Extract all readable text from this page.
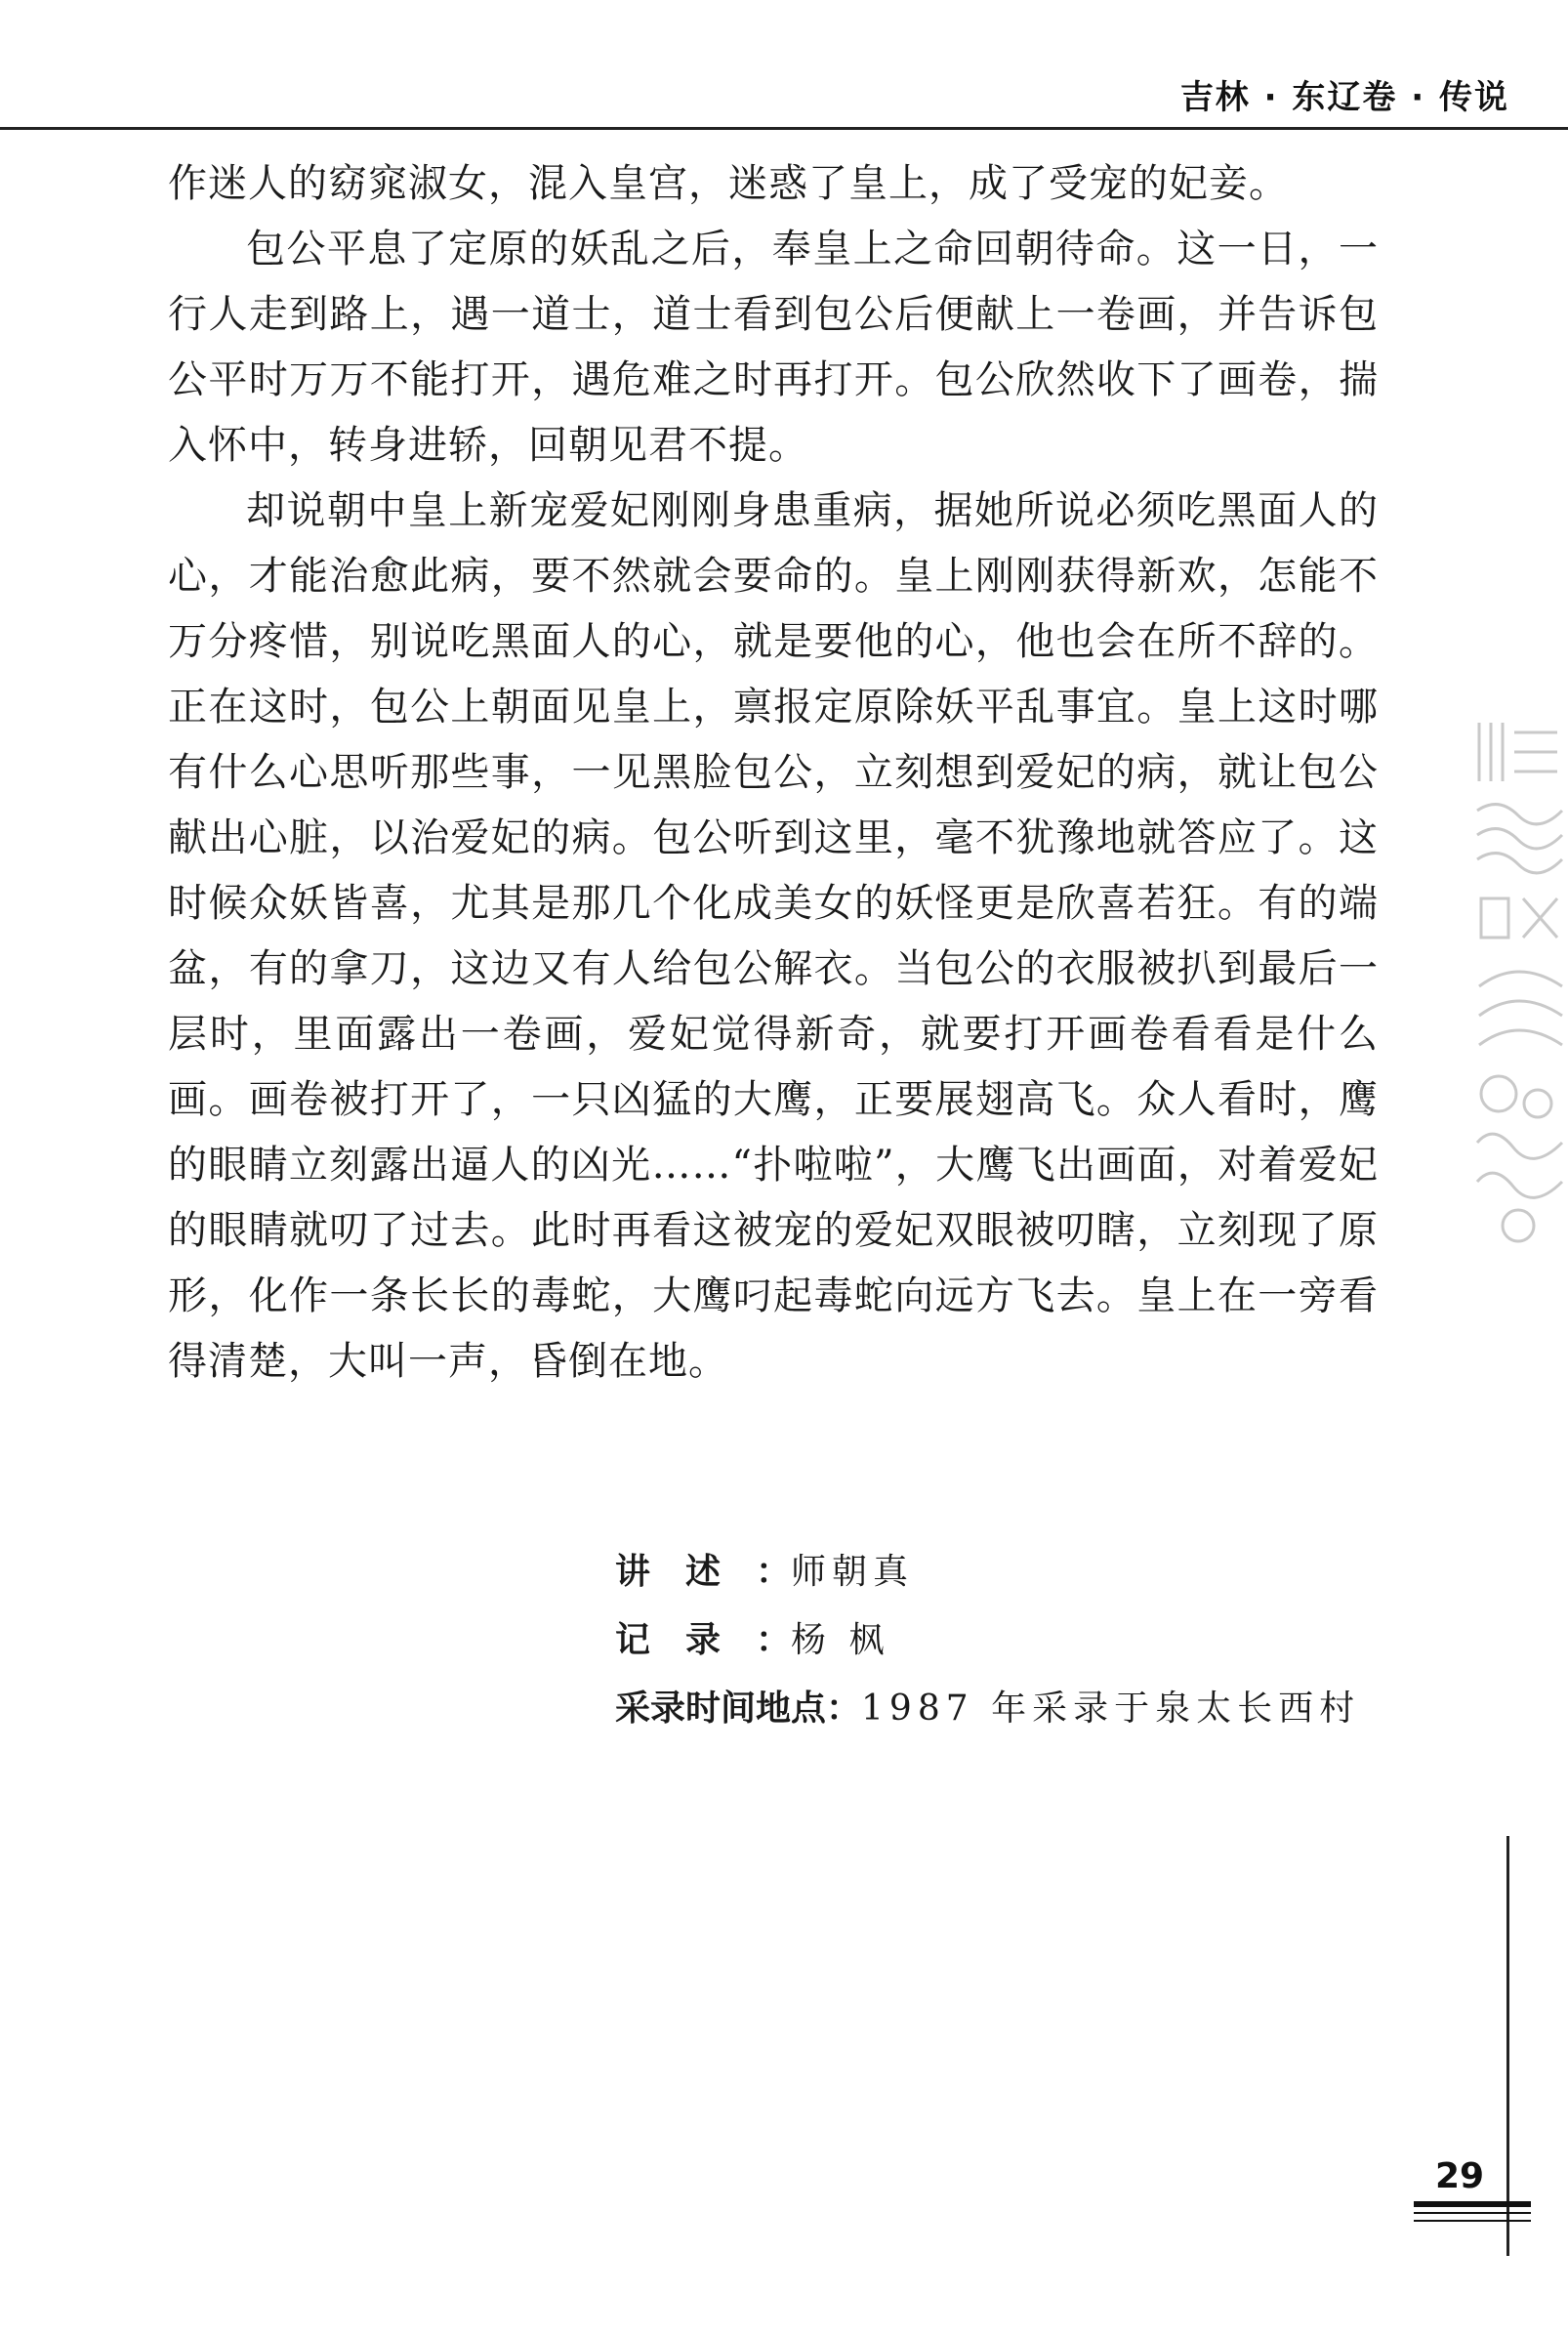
吉林 · 东辽卷 · 传说

作迷人的窈窕淑女，混入皇宫，迷惑了皇上，成了受宠的妃妾。

包公平息了定原的妖乱之后，奉皇上之命回朝待命。这一日，一行人走到路上，遇一道士，道士看到包公后便献上一卷画，并告诉包公平时万万不能打开，遇危难之时再打开。包公欣然收下了画卷，揣入怀中，转身进轿，回朝见君不提。

却说朝中皇上新宠爱妃刚刚身患重病，据她所说必须吃黑面人的心，才能治愈此病，要不然就会要命的。皇上刚刚获得新欢，怎能不万分疼惜，别说吃黑面人的心，就是要他的心，他也会在所不辞的。正在这时，包公上朝面见皇上，禀报定原除妖平乱事宜。皇上这时哪有什么心思听那些事，一见黑脸包公，立刻想到爱妃的病，就让包公献出心脏，以治爱妃的病。包公听到这里，毫不犹豫地就答应了。这时候众妖皆喜，尤其是那几个化成美女的妖怪更是欣喜若狂。有的端盆，有的拿刀，这边又有人给包公解衣。当包公的衣服被扒到最后一层时，里面露出一卷画，爱妃觉得新奇，就要打开画卷看看是什么画。画卷被打开了，一只凶猛的大鹰，正要展翅高飞。众人看时，鹰的眼睛立刻露出逼人的凶光……“扑啦啦”，大鹰飞出画面，对着爱妃的眼睛就叨了过去。此时再看这被宠的爱妃双眼被叨瞎，立刻现了原形，化作一条长长的毒蛇，大鹰叼起毒蛇向远方飞去。皇上在一旁看得清楚，大叫一声，昏倒在地。

讲述：师朝真
记录：杨 枫
采录时间地点：1987 年采录于泉太长西村
29
